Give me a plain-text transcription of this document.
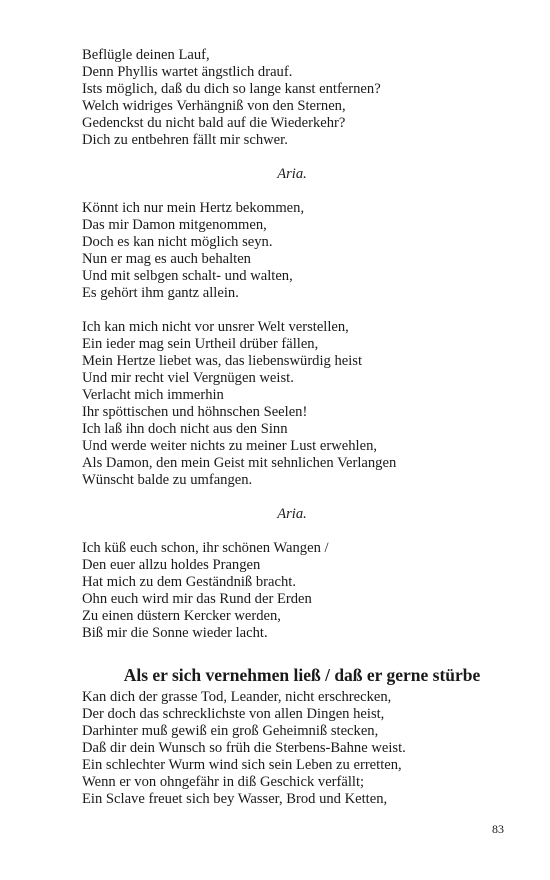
Beflügle deinen Lauf,
Denn Phyllis wartet ängstlich drauf.
Ists möglich, daß du dich so lange kanst entfernen?
Welch widriges Verhängniß von den Sternen,
Gedenckst du nicht bald auf die Wiederkehr?
Dich zu entbehren fällt mir schwer.
Aria.
Könnt ich nur mein Hertz bekommen,
Das mir Damon mitgenommen,
Doch es kan nicht möglich seyn.
Nun er mag es auch behalten
Und mit selbgen schalt- und walten,
Es gehört ihm gantz allein.
Ich kan mich nicht vor unsrer Welt verstellen,
Ein ieder mag sein Urtheil drüber fällen,
Mein Hertze liebet was, das liebenswürdig heist
Und mir recht viel Vergnügen weist.
Verlacht mich immerhin
Ihr spöttischen und höhnschen Seelen!
Ich laß ihn doch nicht aus den Sinn
Und werde weiter nichts zu meiner Lust erwehlen,
Als Damon, den mein Geist mit sehnlichen Verlangen
Wünscht balde zu umfangen.
Aria.
Ich küß euch schon, ihr schönen Wangen /
Den euer allzu holdes Prangen
Hat mich zu dem Geständniß bracht.
Ohn euch wird mir das Rund der Erden
Zu einen düstern Kercker werden,
Biß mir die Sonne wieder lacht.
Als er sich vernehmen ließ / daß er gerne stürbe
Kan dich der grasse Tod, Leander, nicht erschrecken,
Der doch das schrecklichste von allen Dingen heist,
Darhinter muß gewiß ein groß Geheimniß stecken,
Daß dir dein Wunsch so früh die Sterbens-Bahne weist.
Ein schlechter Wurm wind sich sein Leben zu erretten,
Wenn er von ohngefähr in diß Geschick verfällt;
Ein Sclave freuet sich bey Wasser, Brod und Ketten,
83
